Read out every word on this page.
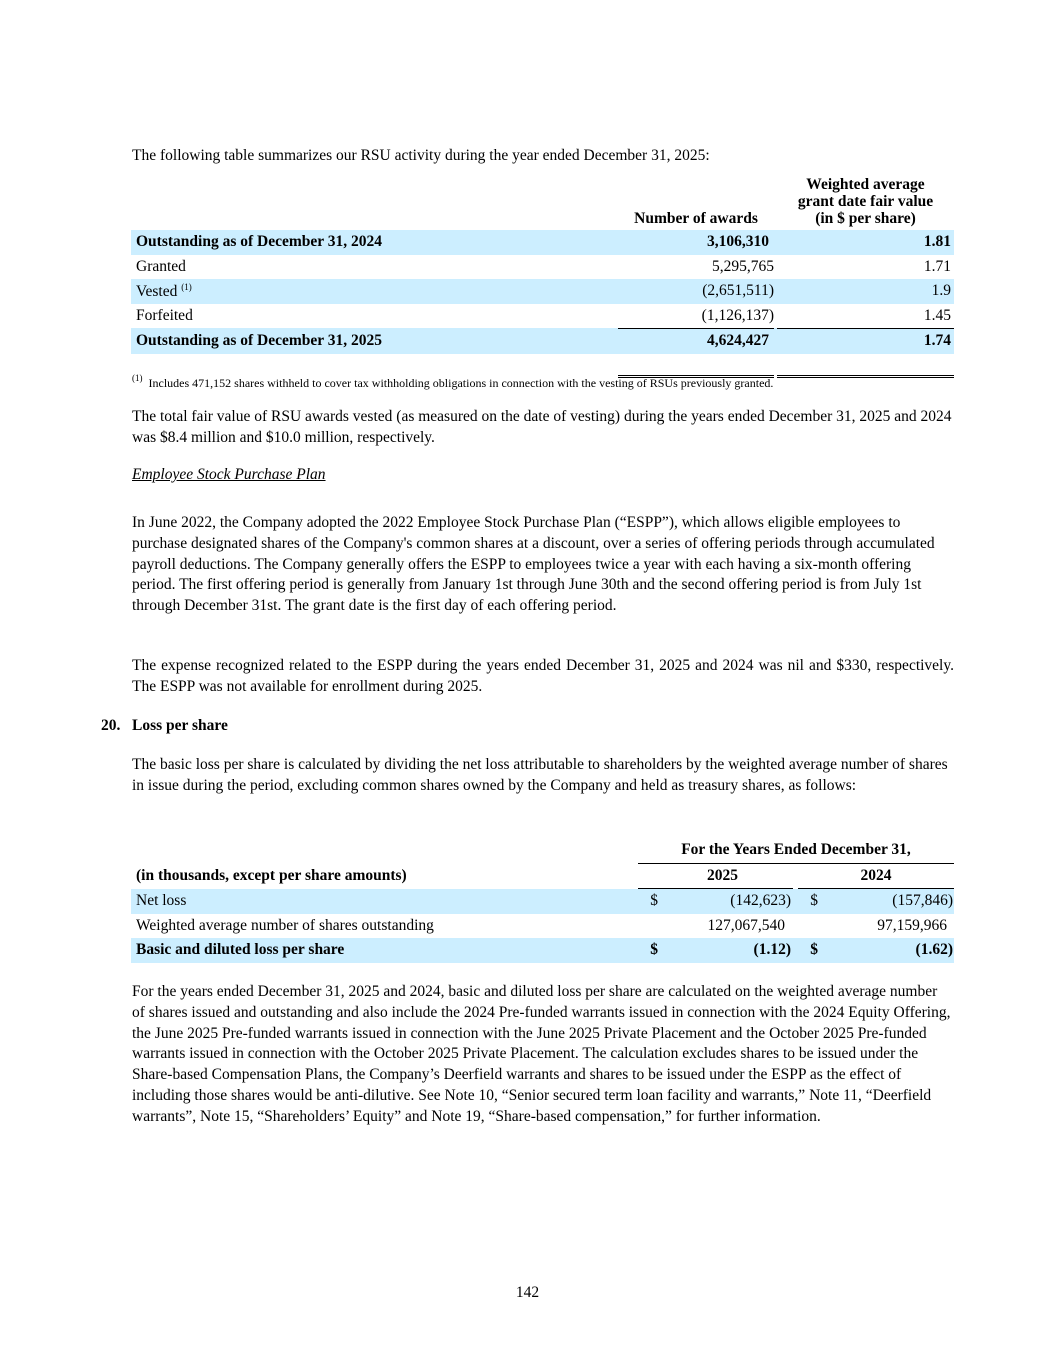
The following table summarizes our RSU activity during the year ended December 31, 2025:

	Number of awards		Weighted average
grant date fair value
(in $ per share)

Outstanding as of December 31, 2024	3,106,310		1.81
Granted	5,295,765		1.71
Vested $^{(1)}$	(2,651,511)		1.9
Forfeited	(1,126,137)		1.45
Outstanding as of December 31, 2025	4,624,427		1.74

$^{(1)}$ Includes 471,152 shares withheld to cover tax withholding obligations in connection with the vesting of RSUs previously granted.

The total fair value of RSU awards vested (as measured on the date of vesting) during the years ended December 31, 2025 and 2024 was $8.4 million and $10.0 million, respectively.

Employee Stock Purchase Plan

In June 2022, the Company adopted the 2022 Employee Stock Purchase Plan (“ESPP”), which allows eligible employees to purchase designated shares of the Company's common shares at a discount, over a series of offering periods through accumulated payroll deductions. The Company generally offers the ESPP to employees twice a year with each having a six-month offering period. The first offering period is generally from January 1st through June 30th and the second offering period is from July 1st through December 31st. The grant date is the first day of each offering period.

The expense recognized related to the ESPP during the years ended December 31, 2025 and 2024 was nil and $330, respectively. The ESPP was not available for enrollment during 2025.

20. Loss per share

The basic loss per share is calculated by dividing the net loss attributable to shareholders by the weighted average number of shares in issue during the period, excluding common shares owned by the Company and held as treasury shares, as follows:

	For the Years Ended December 31,				
(in thousands, except per share amounts)	2025			2024	
Net loss	$	(142,623)		$	(157,846)
Weighted average number of shares outstanding		127,067,540			97,159,966
Basic and diluted loss per share	$	(1.12)		$	(1.62)

For the years ended December 31, 2025 and 2024, basic and diluted loss per share are calculated on the weighted average number of shares issued and outstanding and also include the 2024 Pre-funded warrants issued in connection with the 2024 Equity Offering, the June 2025 Pre-funded warrants issued in connection with the June 2025 Private Placement and the October 2025 Pre-funded warrants issued in connection with the October 2025 Private Placement. The calculation excludes shares to be issued under the Share-based Compensation Plans, the Company’s Deerfield warrants and shares to be issued under the ESPP as the effect of including those shares would be anti-dilutive. See Note 10, “Senior secured term loan facility and warrants,” Note 11, “Deerfield warrants”, Note 15, “Shareholders’ Equity” and Note 19, “Share-based compensation,” for further information.

142
